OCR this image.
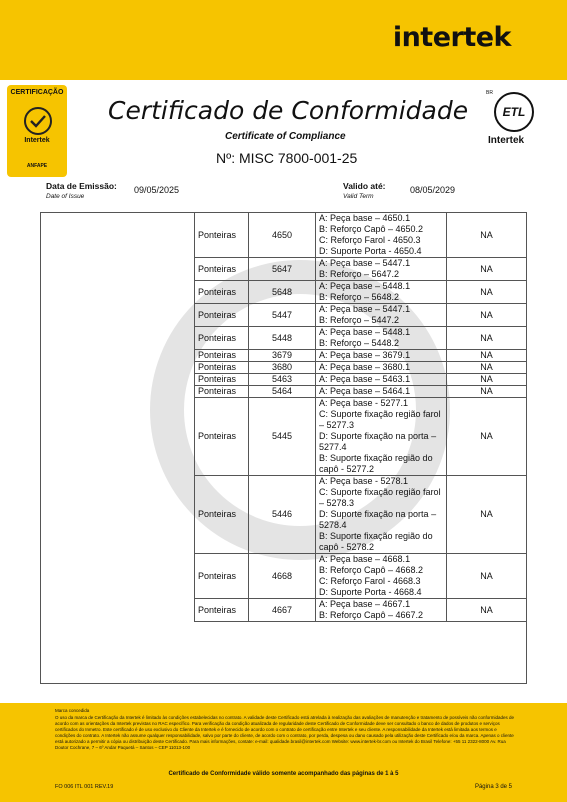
intertek
CERTIFICAÇÃO
Intertek
ANFAPE
Certificado de Conformidade
Certificate of Compliance
Nº: MISC 7800-001-25
BR
ETL
Intertek
Data de Emissão:
Date of Issue
09/05/2025	Valido até:
Valid Term
08/05/2029
Ponteiras	4650	A: Peça base – 4650.1
B: Reforço Capô – 4650.2
C: Reforço Farol - 4650.3
D: Suporte Porta - 4650.4	NA
Ponteiras	5647	A: Peça base – 5447.1
B: Reforço – 5647.2	NA
Ponteiras	5648	A: Peça base – 5448.1
B: Reforço – 5648.2	NA
Ponteiras	5447	A: Peça base – 5447.1
B: Reforço – 5447.2	NA
Ponteiras	5448	A: Peça base – 5448.1
B: Reforço – 5448.2	NA
Ponteiras	3679	A: Peça base – 3679.1	NA
Ponteiras	3680	A: Peça base – 3680.1	NA
Ponteiras	5463	A: Peça base – 5463.1	NA
Ponteiras	5464	A: Peça base – 5464.1	NA
Ponteiras	5445	A: Peça base - 5277.1
C: Suporte fixação região farol – 5277.3
D: Suporte fixação na porta – 5277.4
B: Suporte fixação região do capô - 5277.2	NA
Ponteiras	5446	A: Peça base - 5278.1
C: Suporte fixação região farol – 5278.3
D: Suporte fixação na porta – 5278.4
B: Suporte fixação região do capô - 5278.2	NA
Ponteiras	4668	A: Peça base – 4668.1
B: Reforço Capô – 4668.2
C: Reforço Farol - 4668.3
D: Suporte Porta - 4668.4	NA
Ponteiras	4667	A: Peça base – 4667.1
B: Reforço Capô – 4667.2	NA
Marca concedida
O uso da marca de Certificação da Intertek é limitado às condições estabelecidas no contrato. A validade deste Certificado está atrelada à realização das avaliações de manutenção e tratamento de possíveis não conformidades de acordo com as orientações da Intertek previstas no RAC específico. Para verificação da condição atualizada de regularidade deste Certificado de Conformidade deve ser consultado o banco de dados de produtos e serviços certificados do Inmetro. Este certificado é de uso exclusivo do Cliente da Intertek e é fornecido de acordo com o contrato de certificação entre Intertek e seu cliente. A responsabilidade da Intertek está limitada aos termos e condições do contrato. A Intertek não assume qualquer responsabilidade, salvo por parte do cliente, de acordo com o contrato, por perda, despesa ou dano causado pela utilização deste Certificado e/ou da marca. Apenas o cliente está autorizado a permitir a cópia ou distribuição deste Certificado. Para mais informações, contate: e-mail: qualidade.brasil@intertek.com Website: www.intertek-br.com ou Intertek do Brasil Telefone: +55 11 2322-8000 Av. Rua Doutor Cochrane, 7 – 6º Andar Paquetá – Santos – CEP 11013-100
Certificado de Conformidade válido somente acompanhado das páginas de 1 à 5
FO 006 ITL 001 REV.19	Página 3 de 5
